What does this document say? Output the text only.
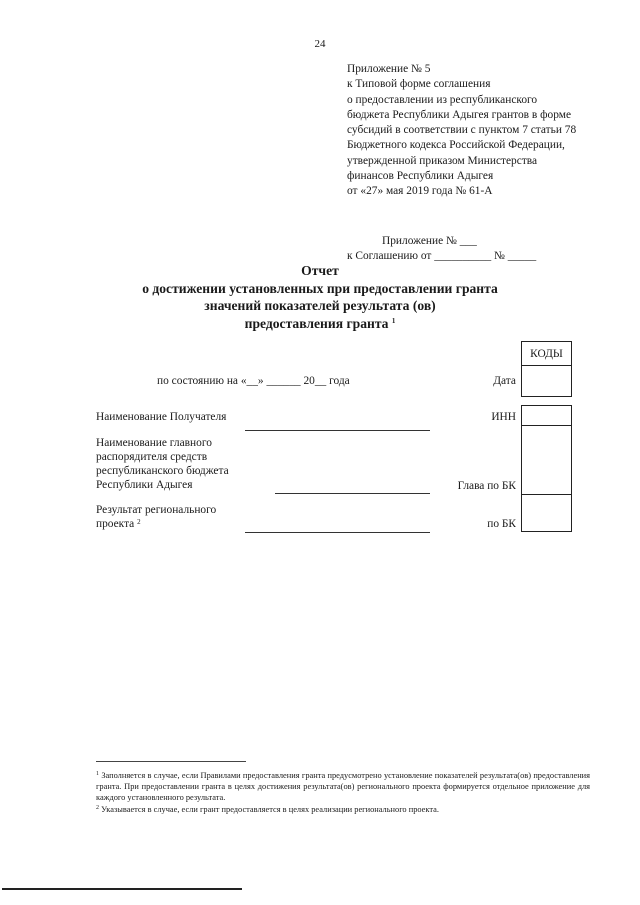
24
Приложение № 5
к Типовой форме соглашения
о предоставлении из республиканского
бюджета Республики Адыгея грантов в форме
субсидий в соответствии с пунктом 7 статьи 78
Бюджетного кодекса Российской Федерации,
утвержденной приказом Министерства
финансов Республики Адыгея
от «27» мая 2019 года № 61-А
Приложение № ___
к Соглашению от __________ № _____
Отчет
о достижении установленных при предоставлении гранта
значений показателей результата (ов)
предоставления гранта $^1$
КОДЫ
по состоянию на «__» ______ 20__ года	Дата
Наименование Получателя	ИНН
Наименование главного
распорядителя средств
республиканского бюджета
Республики Адыгея	Глава по БК
Результат регионального
проекта $^2$	по БК

$^1$ Заполняется в случае, если Правилами предоставления гранта предусмотрено установление показателей результата(ов) предоставления гранта. При предоставлении гранта в целях достижения результата(ов) регионального проекта формируется отдельное приложение для каждого установленного результата.

$^2$ Указывается в случае, если грант предоставляется в целях реализации регионального проекта.
